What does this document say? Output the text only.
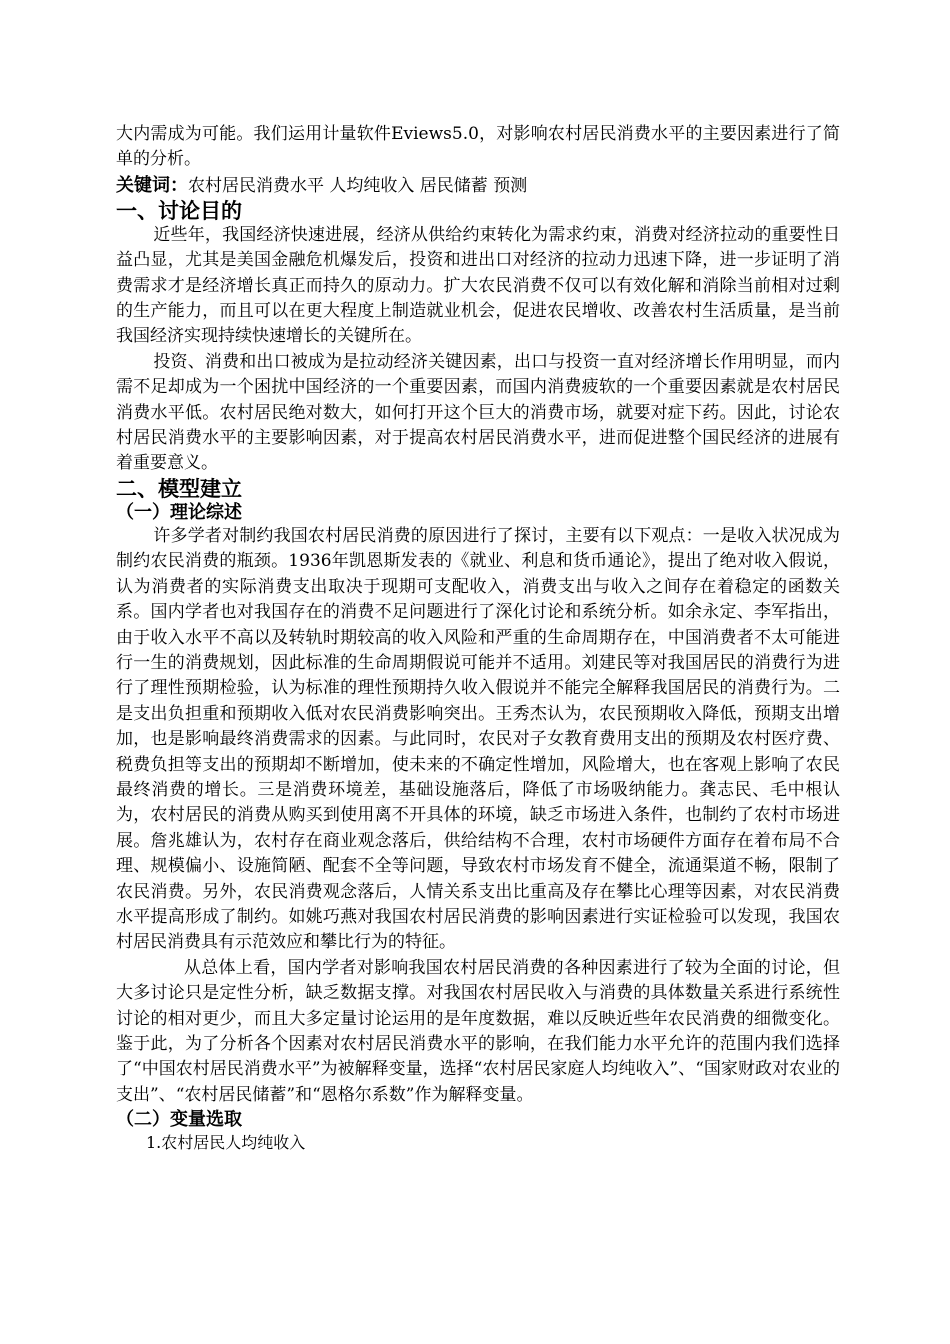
大内需成为可能。我们运用计量软件Eviews5.0，对影响农村居民消费水平的主要因素进行了简单的分析。

关键词：农村居民消费水平 人均纯收入 居民储蓄 预测
一、讨论目的

近些年，我国经济快速进展，经济从供给约束转化为需求约束，消费对经济拉动的重要性日益凸显，尤其是美国金融危机爆发后，投资和进出口对经济的拉动力迅速下降，进一步证明了消费需求才是经济增长真正而持久的原动力。扩大农民消费不仅可以有效化解和消除当前相对过剩的生产能力，而且可以在更大程度上制造就业机会，促进农民增收、改善农村生活质量，是当前我国经济实现持续快速增长的关键所在。

投资、消费和出口被成为是拉动经济关键因素，出口与投资一直对经济增长作用明显，而内需不足却成为一个困扰中国经济的一个重要因素，而国内消费疲软的一个重要因素就是农村居民消费水平低。农村居民绝对数大，如何打开这个巨大的消费市场，就要对症下药。因此，讨论农村居民消费水平的主要影响因素，对于提高农村居民消费水平，进而促进整个国民经济的进展有着重要意义。

二、模型建立
（一）理论综述

许多学者对制约我国农村居民消费的原因进行了探讨，主要有以下观点：一是收入状况成为制约农民消费的瓶颈。1936年凯恩斯发表的《就业、利息和货币通论》，提出了绝对收入假说，认为消费者的实际消费支出取决于现期可支配收入，消费支出与收入之间存在着稳定的函数关系。国内学者也对我国存在的消费不足问题进行了深化讨论和系统分析。如余永定、李军指出，由于收入水平不高以及转轨时期较高的收入风险和严重的生命周期存在，中国消费者不太可能进行一生的消费规划，因此标准的生命周期假说可能并不适用。刘建民等对我国居民的消费行为进行了理性预期检验，认为标准的理性预期持久收入假说并不能完全解释我国居民的消费行为。二是支出负担重和预期收入低对农民消费影响突出。王秀杰认为，农民预期收入降低，预期支出增加，也是影响最终消费需求的因素。与此同时，农民对子女教育费用支出的预期及农村医疗费、税费负担等支出的预期却不断增加，使未来的不确定性增加，风险增大，也在客观上影响了农民最终消费的增长。三是消费环境差，基础设施落后，降低了市场吸纳能力。龚志民、毛中根认为，农村居民的消费从购买到使用离不开具体的环境，缺乏市场进入条件，也制约了农村市场进展。詹兆雄认为，农村存在商业观念落后，供给结构不合理，农村市场硬件方面存在着布局不合理、规模偏小、设施简陋、配套不全等问题，导致农村市场发育不健全，流通渠道不畅，限制了农民消费。另外，农民消费观念落后，人情关系支出比重高及存在攀比心理等因素，对农民消费水平提高形成了制约。如姚巧燕对我国农村居民消费的影响因素进行实证检验可以发现，我国农村居民消费具有示范效应和攀比行为的特征。

从总体上看，国内学者对影响我国农村居民消费的各种因素进行了较为全面的讨论，但大多讨论只是定性分析，缺乏数据支撑。对我国农村居民收入与消费的具体数量关系进行系统性讨论的相对更少，而且大多定量讨论运用的是年度数据，难以反映近些年农民消费的细微变化。鉴于此，为了分析各个因素对农村居民消费水平的影响，在我们能力水平允许的范围内我们选择了“中国农村居民消费水平”为被解释变量，选择“农村居民家庭人均纯收入”、“国家财政对农业的支出”、“农村居民储蓄”和“恩格尔系数”作为解释变量。

（二）变量选取
1.农村居民人均纯收入
